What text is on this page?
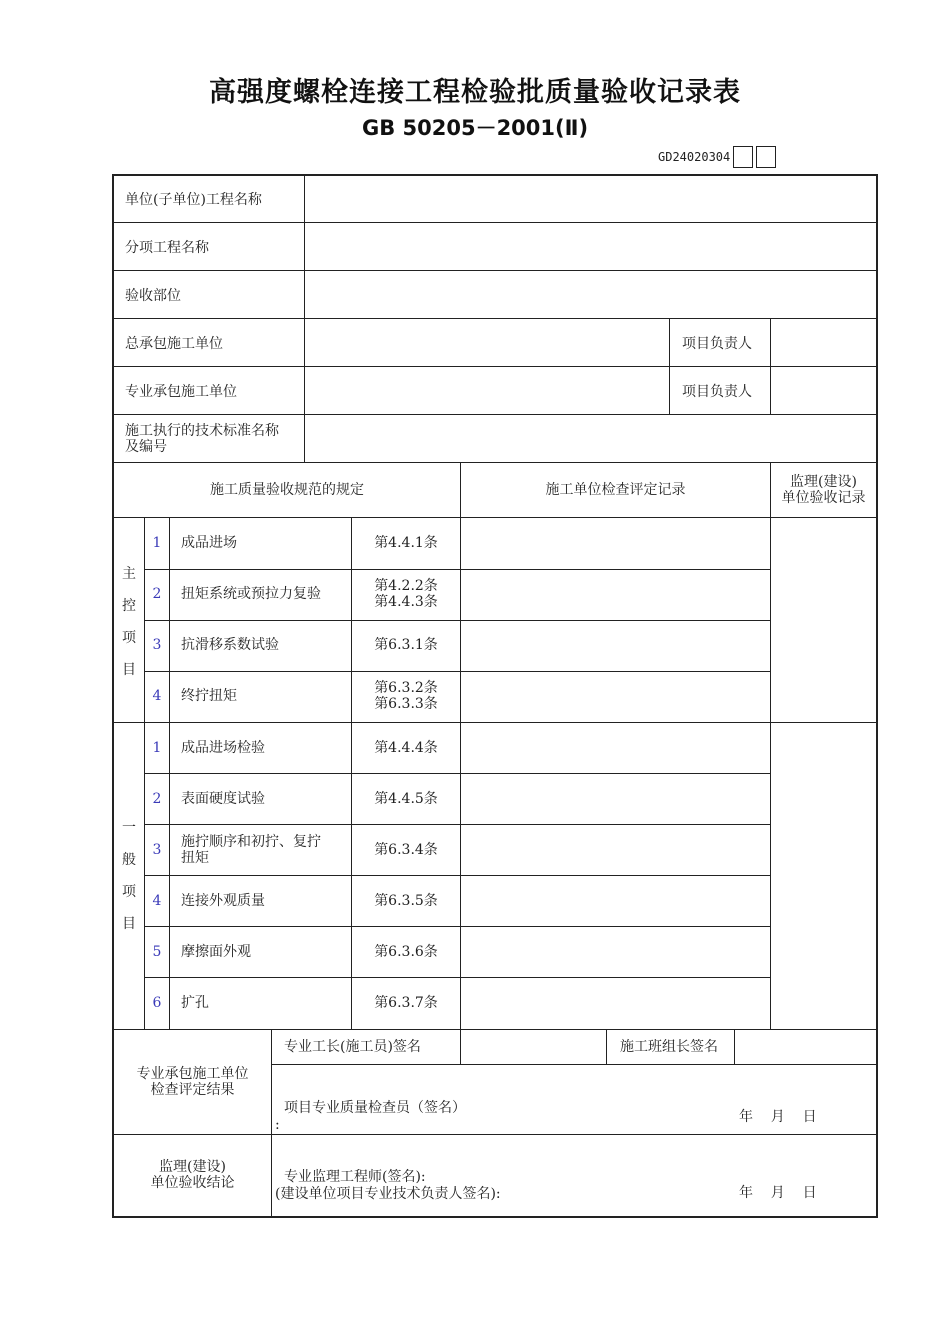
高强度螺栓连接工程检验批质量验收记录表
GB 50205－2001(Ⅱ)
GD24020304
单位(子单位)工程名称
分项工程名称
验收部位
总承包施工单位	项目负责人
专业承包施工单位	项目负责人
施工执行的技术标准名称
及编号
施工质量验收规范的规定	施工单位检查评定记录	监理(建设)
单位验收记录
主
控
项
目
1	成品进场	第4.4.1条
2	扭矩系统或预拉力复验	第4.2.2条
第4.4.3条
3	抗滑移系数试验	第6.3.1条
4	终拧扭矩	第6.3.2条
第6.3.3条
一
般
项
目
1	成品进场检验	第4.4.4条
2	表面硬度试验	第4.4.5条
3	施拧顺序和初拧、复拧
扭矩	第6.3.4条
4	连接外观质量	第6.3.5条
5	摩擦面外观	第6.3.6条
6	扩孔	第6.3.7条
专业承包施工单位
检查评定结果
专业工长(施工员)签名	施工班组长签名
项目专业质量检查员（签名）
:	年    月    日
监理(建设)
单位验收结论	专业监理工程师(签名):
(建设单位项目专业技术负责人签名):	年    月    日
